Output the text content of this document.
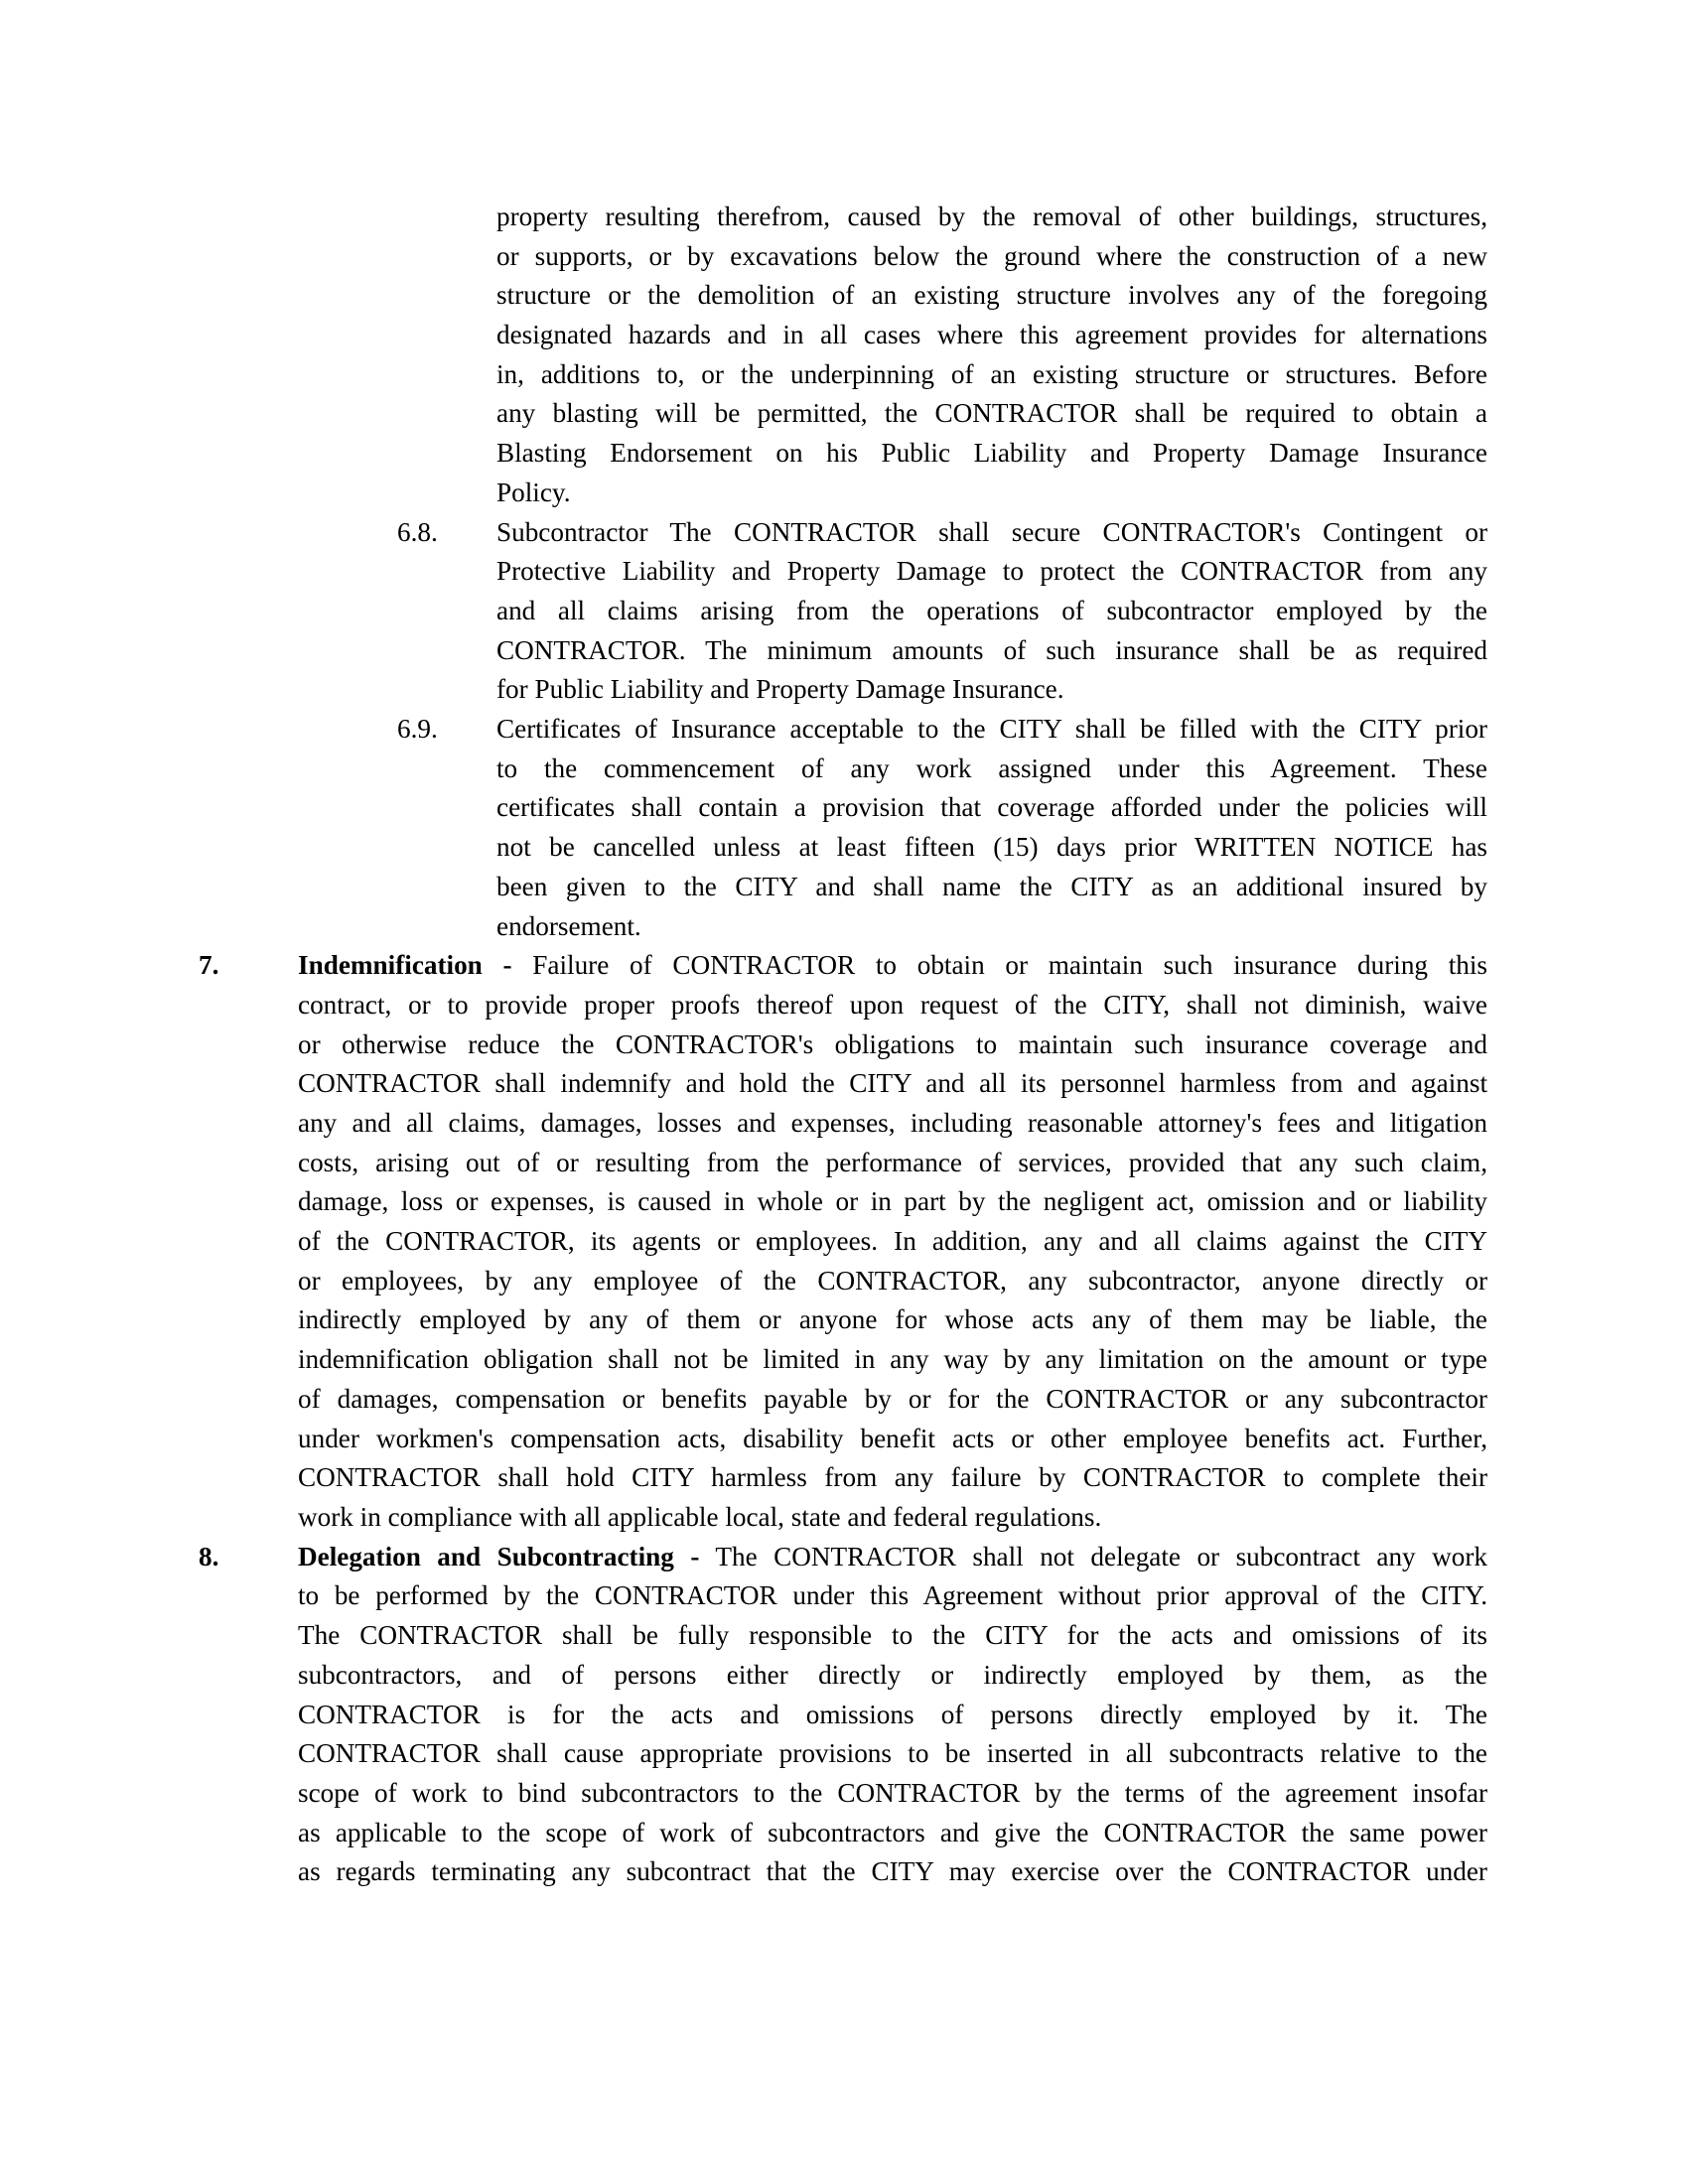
property resulting therefrom, caused by the removal of other buildings, structures,
or supports, or by excavations below the ground where the construction of a new
structure or the demolition of an existing structure involves any of the foregoing
designated hazards and in all cases where this agreement provides for alternations
in, additions to, or the underpinning of an existing structure or structures. Before
any blasting will be permitted, the CONTRACTOR shall be required to obtain a
Blasting Endorsement on his Public Liability and Property Damage Insurance
Policy.
6.8. Subcontractor The CONTRACTOR shall secure CONTRACTOR's Contingent or
Protective Liability and Property Damage to protect the CONTRACTOR from any
and all claims arising from the operations of subcontractor employed by the
CONTRACTOR. The minimum amounts of such insurance shall be as required
for Public Liability and Property Damage Insurance.
6.9. Certificates of Insurance acceptable to the CITY shall be filled with the CITY prior
to the commencement of any work assigned under this Agreement. These
certificates shall contain a provision that coverage afforded under the policies will
not be cancelled unless at least fifteen (15) days prior WRITTEN NOTICE has
been given to the CITY and shall name the CITY as an additional insured by
endorsement.
7.	Indemnification - Failure of CONTRACTOR to obtain or maintain such insurance during this
contract, or to provide proper proofs thereof upon request of the CITY, shall not diminish, waive
or otherwise reduce the CONTRACTOR's obligations to maintain such insurance coverage and
CONTRACTOR shall indemnify and hold the CITY and all its personnel harmless from and against
any and all claims, damages, losses and expenses, including reasonable attorney's fees and litigation
costs, arising out of or resulting from the performance of services, provided that any such claim,
damage, loss or expenses, is caused in whole or in part by the negligent act, omission and or liability
of the CONTRACTOR, its agents or employees. In addition, any and all claims against the CITY
or employees, by any employee of the CONTRACTOR, any subcontractor, anyone directly or
indirectly employed by any of them or anyone for whose acts any of them may be liable, the
indemnification obligation shall not be limited in any way by any limitation on the amount or type
of damages, compensation or benefits payable by or for the CONTRACTOR or any subcontractor
under workmen's compensation acts, disability benefit acts or other employee benefits act. Further,
CONTRACTOR shall hold CITY harmless from any failure by CONTRACTOR to complete their
work in compliance with all applicable local, state and federal regulations.
8.	Delegation and Subcontracting - The CONTRACTOR shall not delegate or subcontract any work
to be performed by the CONTRACTOR under this Agreement without prior approval of the CITY.
The CONTRACTOR shall be fully responsible to the CITY for the acts and omissions of its
subcontractors, and of persons either directly or indirectly employed by them, as the
CONTRACTOR is for the acts and omissions of persons directly employed by it. The
CONTRACTOR shall cause appropriate provisions to be inserted in all subcontracts relative to the
scope of work to bind subcontractors to the CONTRACTOR by the terms of the agreement insofar
as applicable to the scope of work of subcontractors and give the CONTRACTOR the same power
as regards terminating any subcontract that the CITY may exercise over the CONTRACTOR under
